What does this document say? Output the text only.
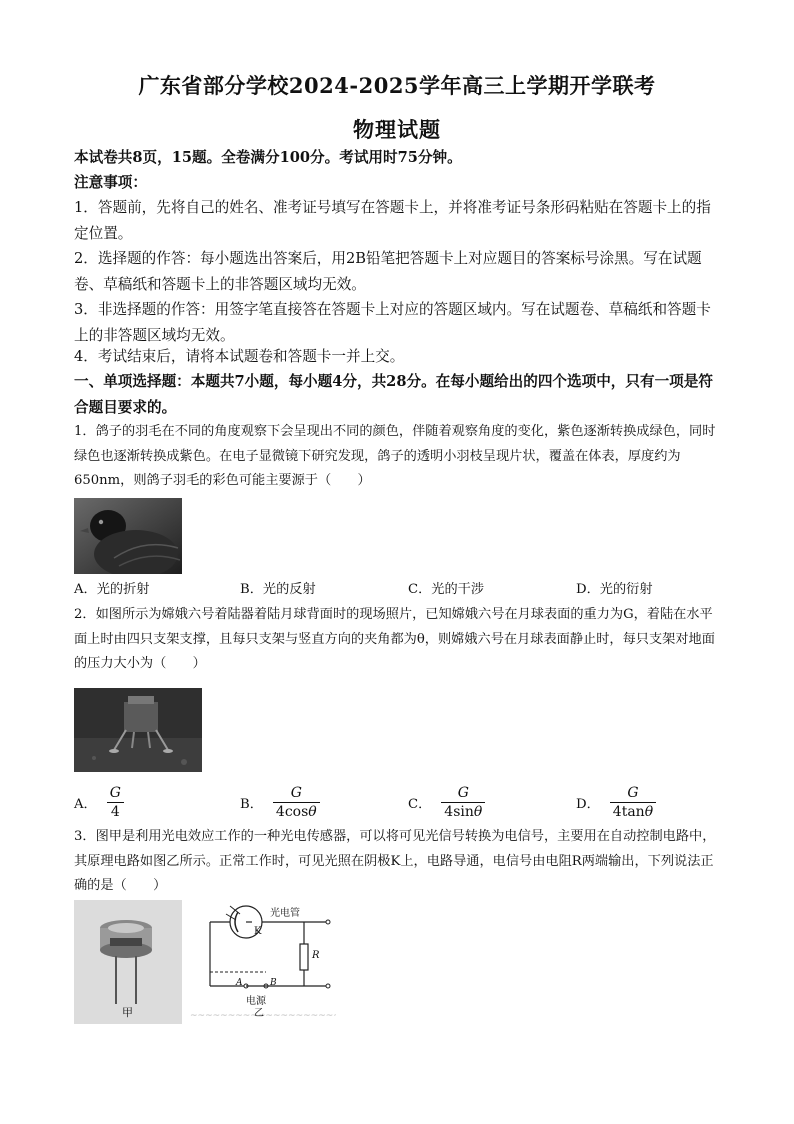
广东省部分学校2024-2025学年高三上学期开学联考
物理试题
本试卷共8页，15题。全卷满分100分。考试用时75分钟。
注意事项：
1．答题前，先将自己的姓名、准考证号填写在答题卡上，并将准考证号条形码粘贴在答题卡上的指定位置。
2．选择题的作答：每小题选出答案后，用2B铅笔把答题卡上对应题目的答案标号涂黑。写在试题卷、草稿纸和答题卡上的非答题区域均无效。
3．非选择题的作答：用签字笔直接答在答题卡上对应的答题区域内。写在试题卷、草稿纸和答题卡上的非答题区域均无效。
4．考试结束后，请将本试题卷和答题卡一并上交。
一、单项选择题：本题共7小题，每小题4分，共28分。在每小题给出的四个选项中，只有一项是符合题目要求的。
1．鸽子的羽毛在不同的角度观察下会呈现出不同的颜色，伴随着观察角度的变化，紫色逐渐转换成绿色，同时绿色也逐渐转换成紫色。在电子显微镜下研究发现，鸽子的透明小羽枝呈现片状，覆盖在体表，厚度约为650nm，则鸽子羽毛的彩色可能主要源于（　　）
A．光的折射	B．光的反射	C．光的干涉	D．光的衍射
2．如图所示为嫦娥六号着陆器着陆月球背面时的现场照片，已知嫦娥六号在月球表面的重力为G，着陆在水平面上时由四只支架支撑，且每只支架与竖直方向的夹角都为θ，则嫦娥六号在月球表面静止时，每只支架对地面的压力大小为（　　）
A． $\frac{G}{4}$	B． $\frac{G}{4\cos\theta}$	C． $\frac{G}{4\sin\theta}$	D． $\frac{G}{4\tan\theta}$
3．图甲是利用光电效应工作的一种光电传感器，可以将可见光信号转换为电信号，主要用在自动控制电路中，其原理电路如图乙所示。正常工作时，可见光照在阴极K上，电路导通，电信号由电阻R两端输出，下列说法正确的是（　　）
甲	~~~~~~~~~~~~~~~~~~~
光电管
K
R
A	B
电源
乙
